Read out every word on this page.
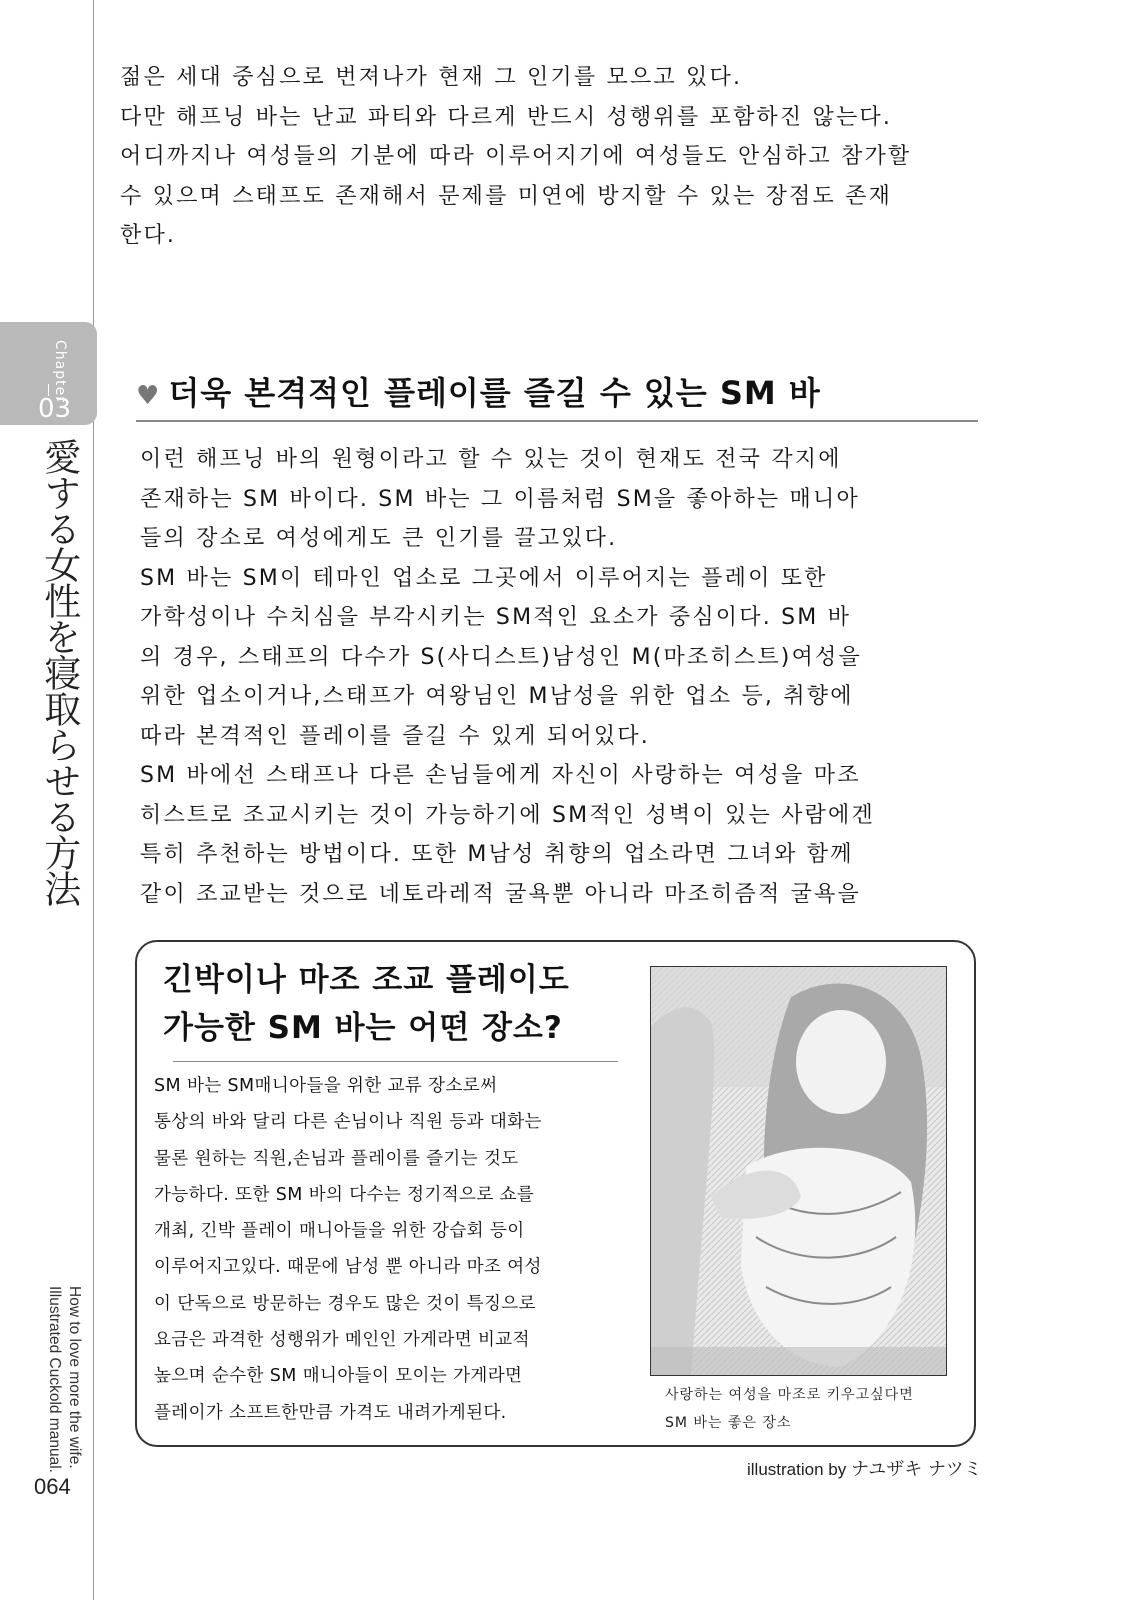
Chapter
03
愛する女性を寝取らせる方法
How to love more the wife.
Illustrated Cuckold manual.
064
젊은 세대 중심으로 번져나가 현재 그 인기를 모으고 있다.
다만 해프닝 바는 난교 파티와 다르게 반드시 성행위를 포함하진 않는다.
어디까지나 여성들의 기분에 따라 이루어지기에 여성들도 안심하고 참가할
수 있으며 스태프도 존재해서 문제를 미연에 방지할 수 있는 장점도 존재
한다.
♥ 더욱 본격적인 플레이를 즐길 수 있는 SM 바
이런 해프닝 바의 원형이라고 할 수 있는 것이 현재도 전국 각지에
존재하는 SM 바이다. SM 바는 그 이름처럼 SM을 좋아하는 매니아
들의 장소로 여성에게도 큰 인기를 끌고있다.
SM 바는 SM이 테마인 업소로 그곳에서 이루어지는 플레이 또한
가학성이나 수치심을 부각시키는 SM적인 요소가 중심이다. SM 바
의 경우, 스태프의 다수가 S(사디스트)남성인 M(마조히스트)여성을
위한 업소이거나,스태프가 여왕님인 M남성을 위한 업소 등, 취향에
따라 본격적인 플레이를 즐길 수 있게 되어있다.
SM 바에선 스태프나 다른 손님들에게 자신이 사랑하는 여성을 마조
히스트로 조교시키는 것이 가능하기에 SM적인 성벽이 있는 사람에겐
특히 추천하는 방법이다. 또한 M남성 취향의 업소라면 그녀와 함께
같이 조교받는 것으로 네토라레적 굴욕뿐 아니라 마조히즘적 굴욕을
긴박이나 마조 조교 플레이도
가능한 SM 바는 어떤 장소?
SM 바는 SM매니아들을 위한 교류 장소로써
통상의 바와 달리 다른 손님이나 직원 등과 대화는
물론 원하는 직원,손님과 플레이를 즐기는 것도
가능하다. 또한 SM 바의 다수는 정기적으로 쇼를
개최, 긴박 플레이 매니아들을 위한 강습회 등이
이루어지고있다. 때문에 남성 뿐 아니라 마조 여성
이 단독으로 방문하는 경우도 많은 것이 특징으로
요금은 과격한 성행위가 메인인 가게라면 비교적
높으며 순수한 SM 매니아들이 모이는 가게라면
플레이가 소프트한만큼 가격도 내려가게된다.
사랑하는 여성을 마조로 키우고싶다면
SM 바는 좋은 장소
illustration by ナユザキ ナツミ
